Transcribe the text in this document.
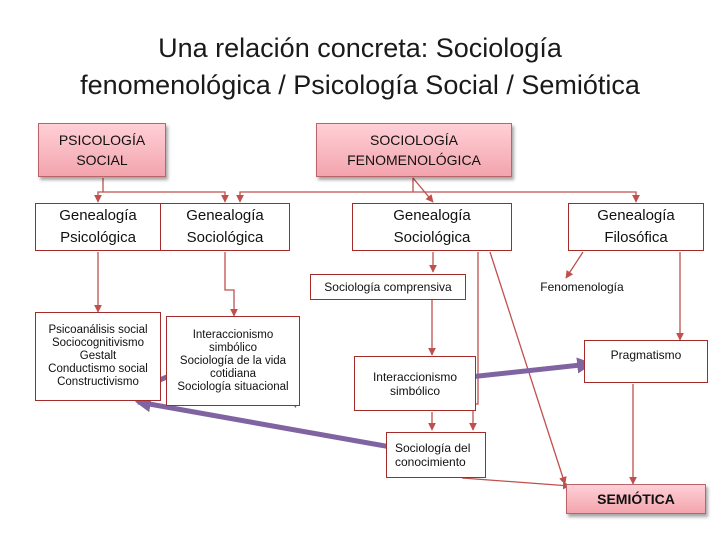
Una relación concreta: Sociología
fenomenológica / Psicología Social / Semiótica
PSICOLOGÍA
SOCIAL
SOCIOLOGÍA
FENOMENOLÓGICA
Genealogía
Psicológica
Genealogía
Sociológica
Genealogía
Sociológica
Genealogía
Filosófica
Sociología comprensiva	Fenomenología
Psicoanálisis social
Sociocognitivismo
Gestalt
Conductismo social
Constructivismo
Interaccionismo
simbólico
Sociología de la vida
cotidiana
Sociología situacional
Interaccionismo
simbólico
Pragmatismo
Sociología del
conocimiento
SEMIÓTICA
